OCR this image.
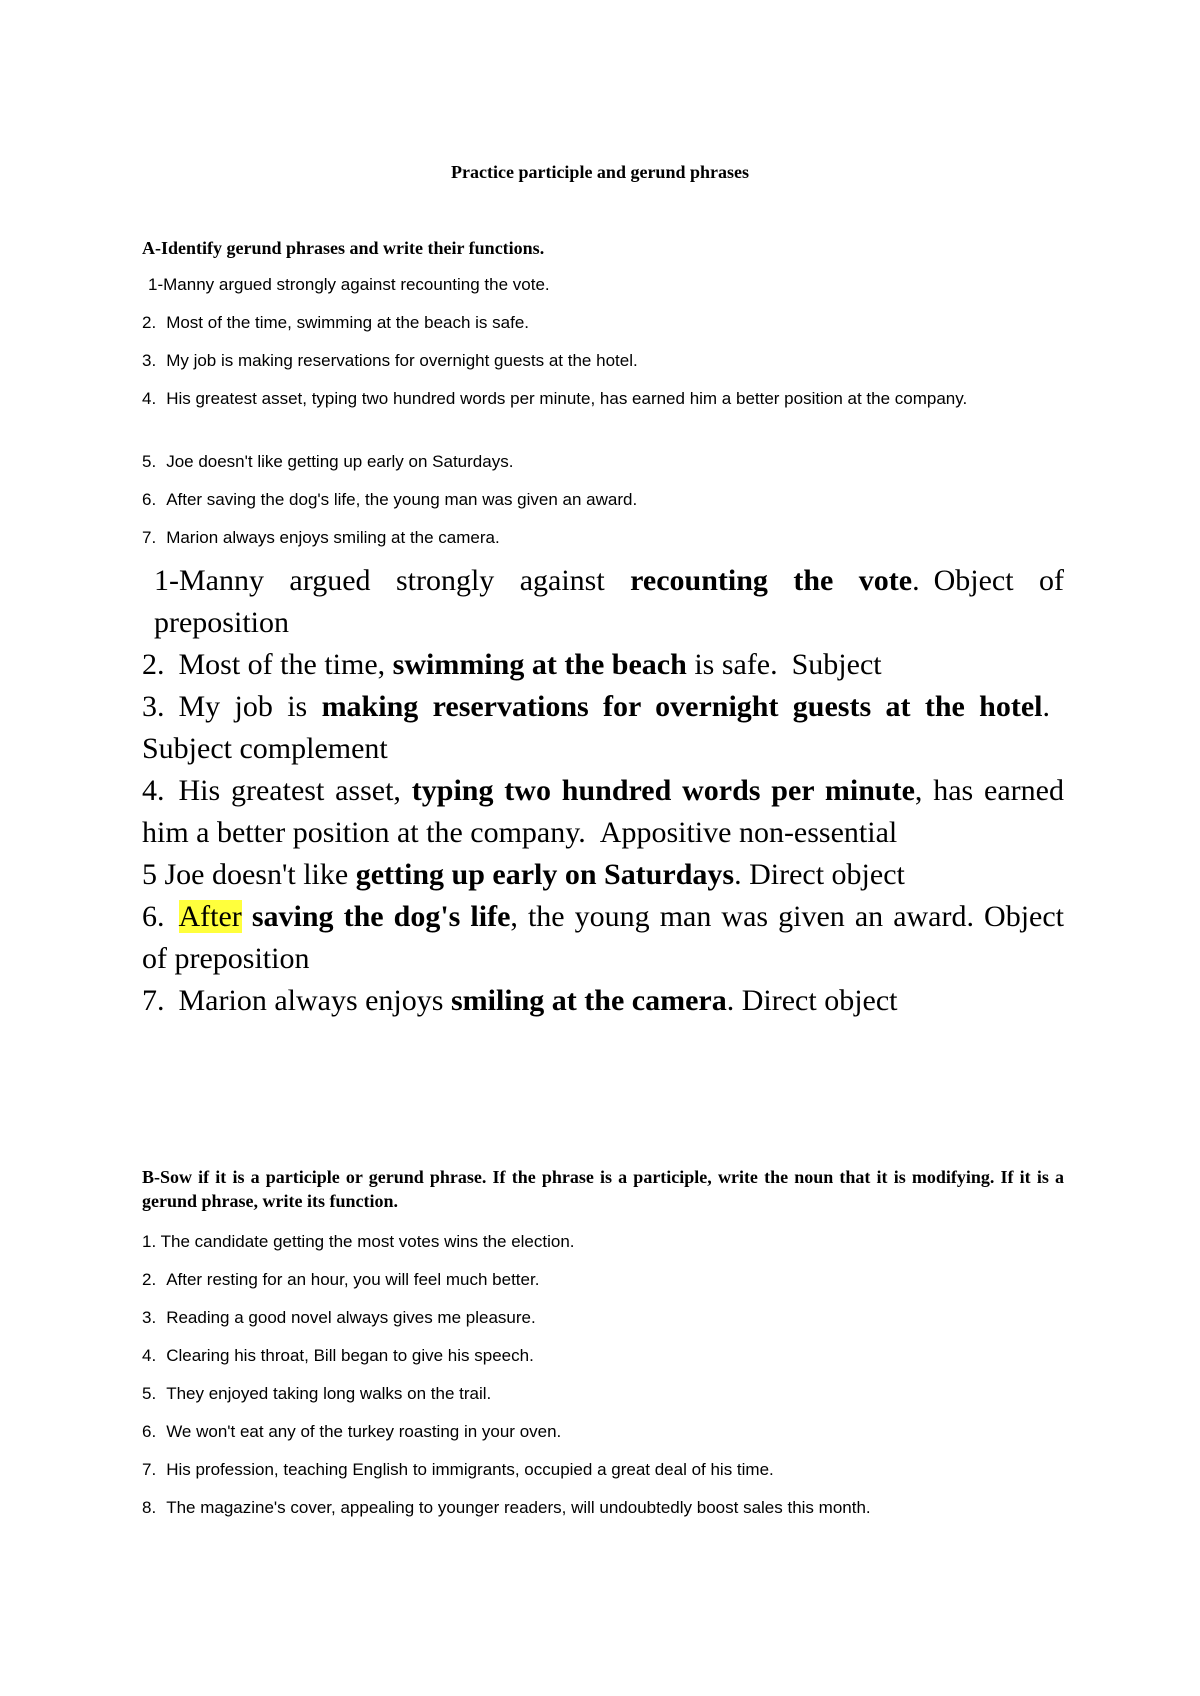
Practice participle and gerund phrases
A-Identify gerund phrases and write their functions.
1-Manny argued strongly against recounting the vote.
2. Most of the time, swimming at the beach is safe.
3. My job is making reservations for overnight guests at the hotel.
4. His greatest asset, typing two hundred words per minute, has earned him a better position at the company.
5. Joe doesn't like getting up early on Saturdays.
6. After saving the dog's life, the young man was given an award.
7. Marion always enjoys smiling at the camera.

1-Manny argued strongly against recounting the vote. Object of preposition

2. Most of the time, swimming at the beach is safe. Subject

3. My job is making reservations for overnight guests at the hotel.Subject complement

4. His greatest asset, typing two hundred words per minute, has earned him a better position at the company. Appositive non-essential

5 Joe doesn't like getting up early on Saturdays. Direct object

6. After saving the dog's life, the young man was given an award. Object of preposition

7. Marion always enjoys smiling at the camera. Direct object

B-Sow if it is a participle or gerund phrase. If the phrase is a participle, write the noun that it is modifying. If it is a gerund phrase, write its function.
1. The candidate getting the most votes wins the election.
2. After resting for an hour, you will feel much better.
3. Reading a good novel always gives me pleasure.
4. Clearing his throat, Bill began to give his speech.
5. They enjoyed taking long walks on the trail.
6. We won't eat any of the turkey roasting in your oven.
7. His profession, teaching English to immigrants, occupied a great deal of his time.
8. The magazine's cover, appealing to younger readers, will undoubtedly boost sales this month.
